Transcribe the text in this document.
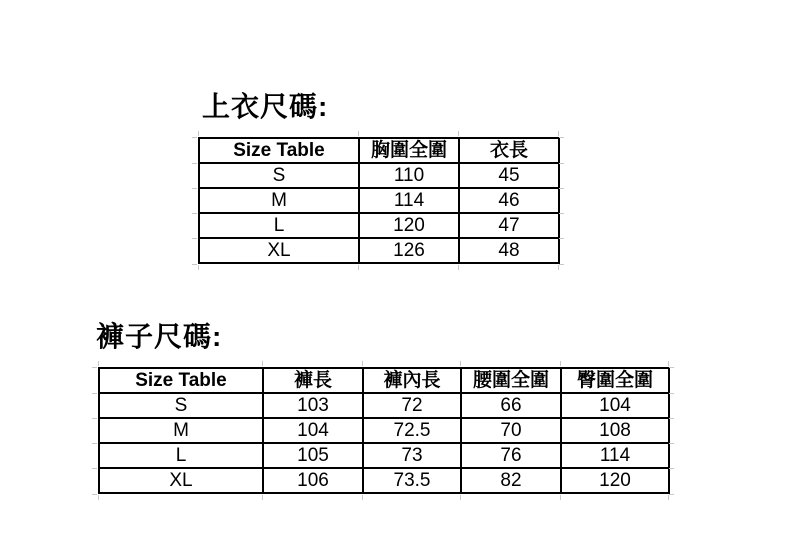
上衣尺碼:
Size Table	胸圍全圍	衣長
S	110	45
M	114	46
L	120	47
XL	126	48
褲子尺碼:
Size Table	褲長	褲內長	腰圍全圍	臀圍全圍
S	103	72	66	104
M	104	72.5	70	108
L	105	73	76	114
XL	106	73.5	82	120
